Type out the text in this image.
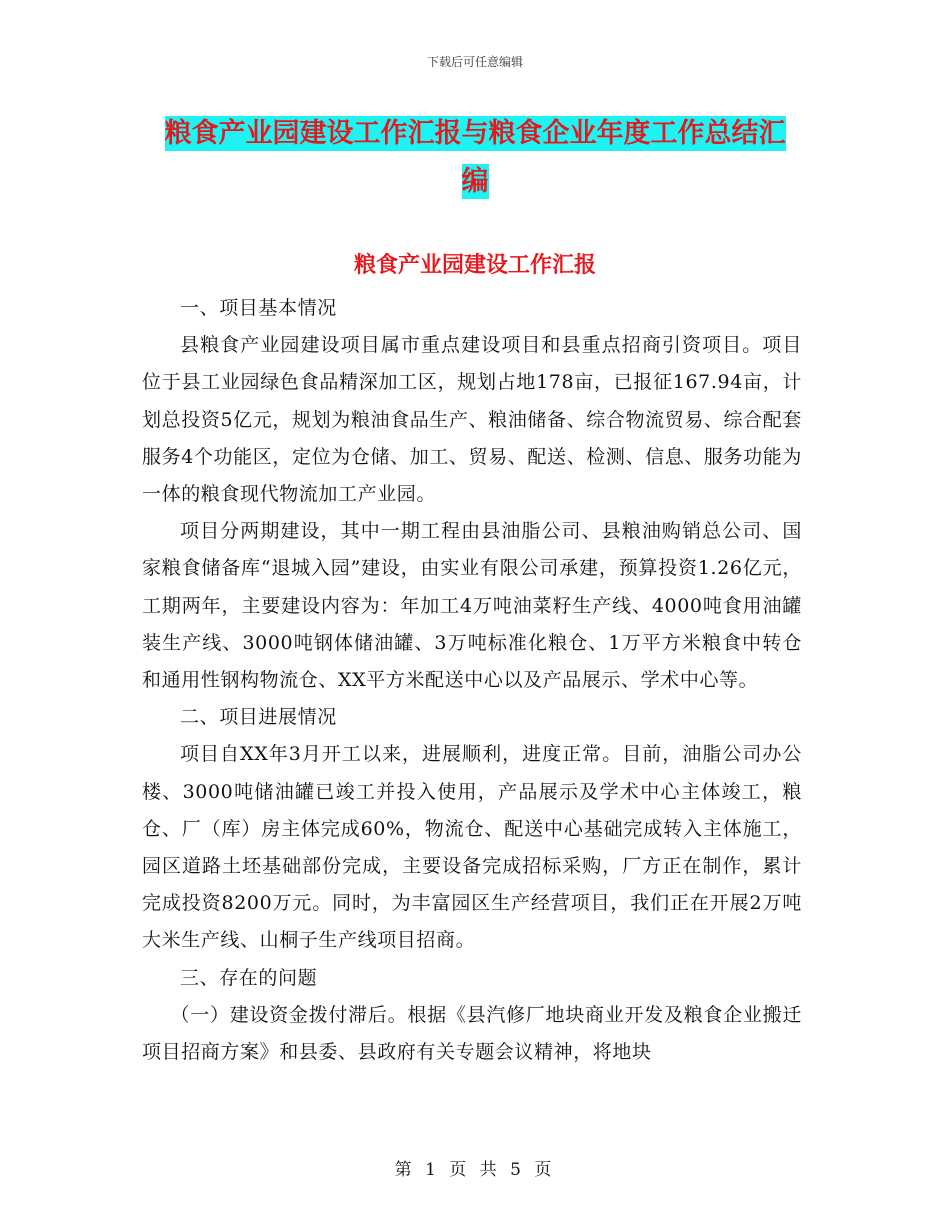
下载后可任意编辑
粮食产业园建设工作汇报与粮食企业年度工作总结汇
编
粮食产业园建设工作汇报

一、项目基本情况

县粮食产业园建设项目属市重点建设项目和县重点招商引资项目。项目位于县工业园绿色食品精深加工区，规划占地178亩，已报征167.94亩，计划总投资5亿元，规划为粮油食品生产、粮油储备、综合物流贸易、综合配套服务4个功能区，定位为仓储、加工、贸易、配送、检测、信息、服务功能为一体的粮食现代物流加工产业园。

项目分两期建设，其中一期工程由县油脂公司、县粮油购销总公司、国家粮食储备库“退城入园”建设，由实业有限公司承建，预算投资1.26亿元，工期两年，主要建设内容为：年加工4万吨油菜籽生产线、4000吨食用油罐装生产线、3000吨钢体储油罐、3万吨标准化粮仓、1万平方米粮食中转仓和通用性钢构物流仓、XX平方米配送中心以及产品展示、学术中心等。

二、项目进展情况

项目自XX年3月开工以来，进展顺利，进度正常。目前，油脂公司办公楼、3000吨储油罐已竣工并投入使用，产品展示及学术中心主体竣工，粮仓、厂（库）房主体完成60%，物流仓、配送中心基础完成转入主体施工，园区道路土坯基础部份完成，主要设备完成招标采购，厂方正在制作，累计完成投资8200万元。同时，为丰富园区生产经营项目，我们正在开展2万吨大米生产线、山桐子生产线项目招商。

三、存在的问题

（一）建设资金拨付滞后。根据《县汽修厂地块商业开发及粮食企业搬迁项目招商方案》和县委、县政府有关专题会议精神，将地块

第 1 页 共 5 页
